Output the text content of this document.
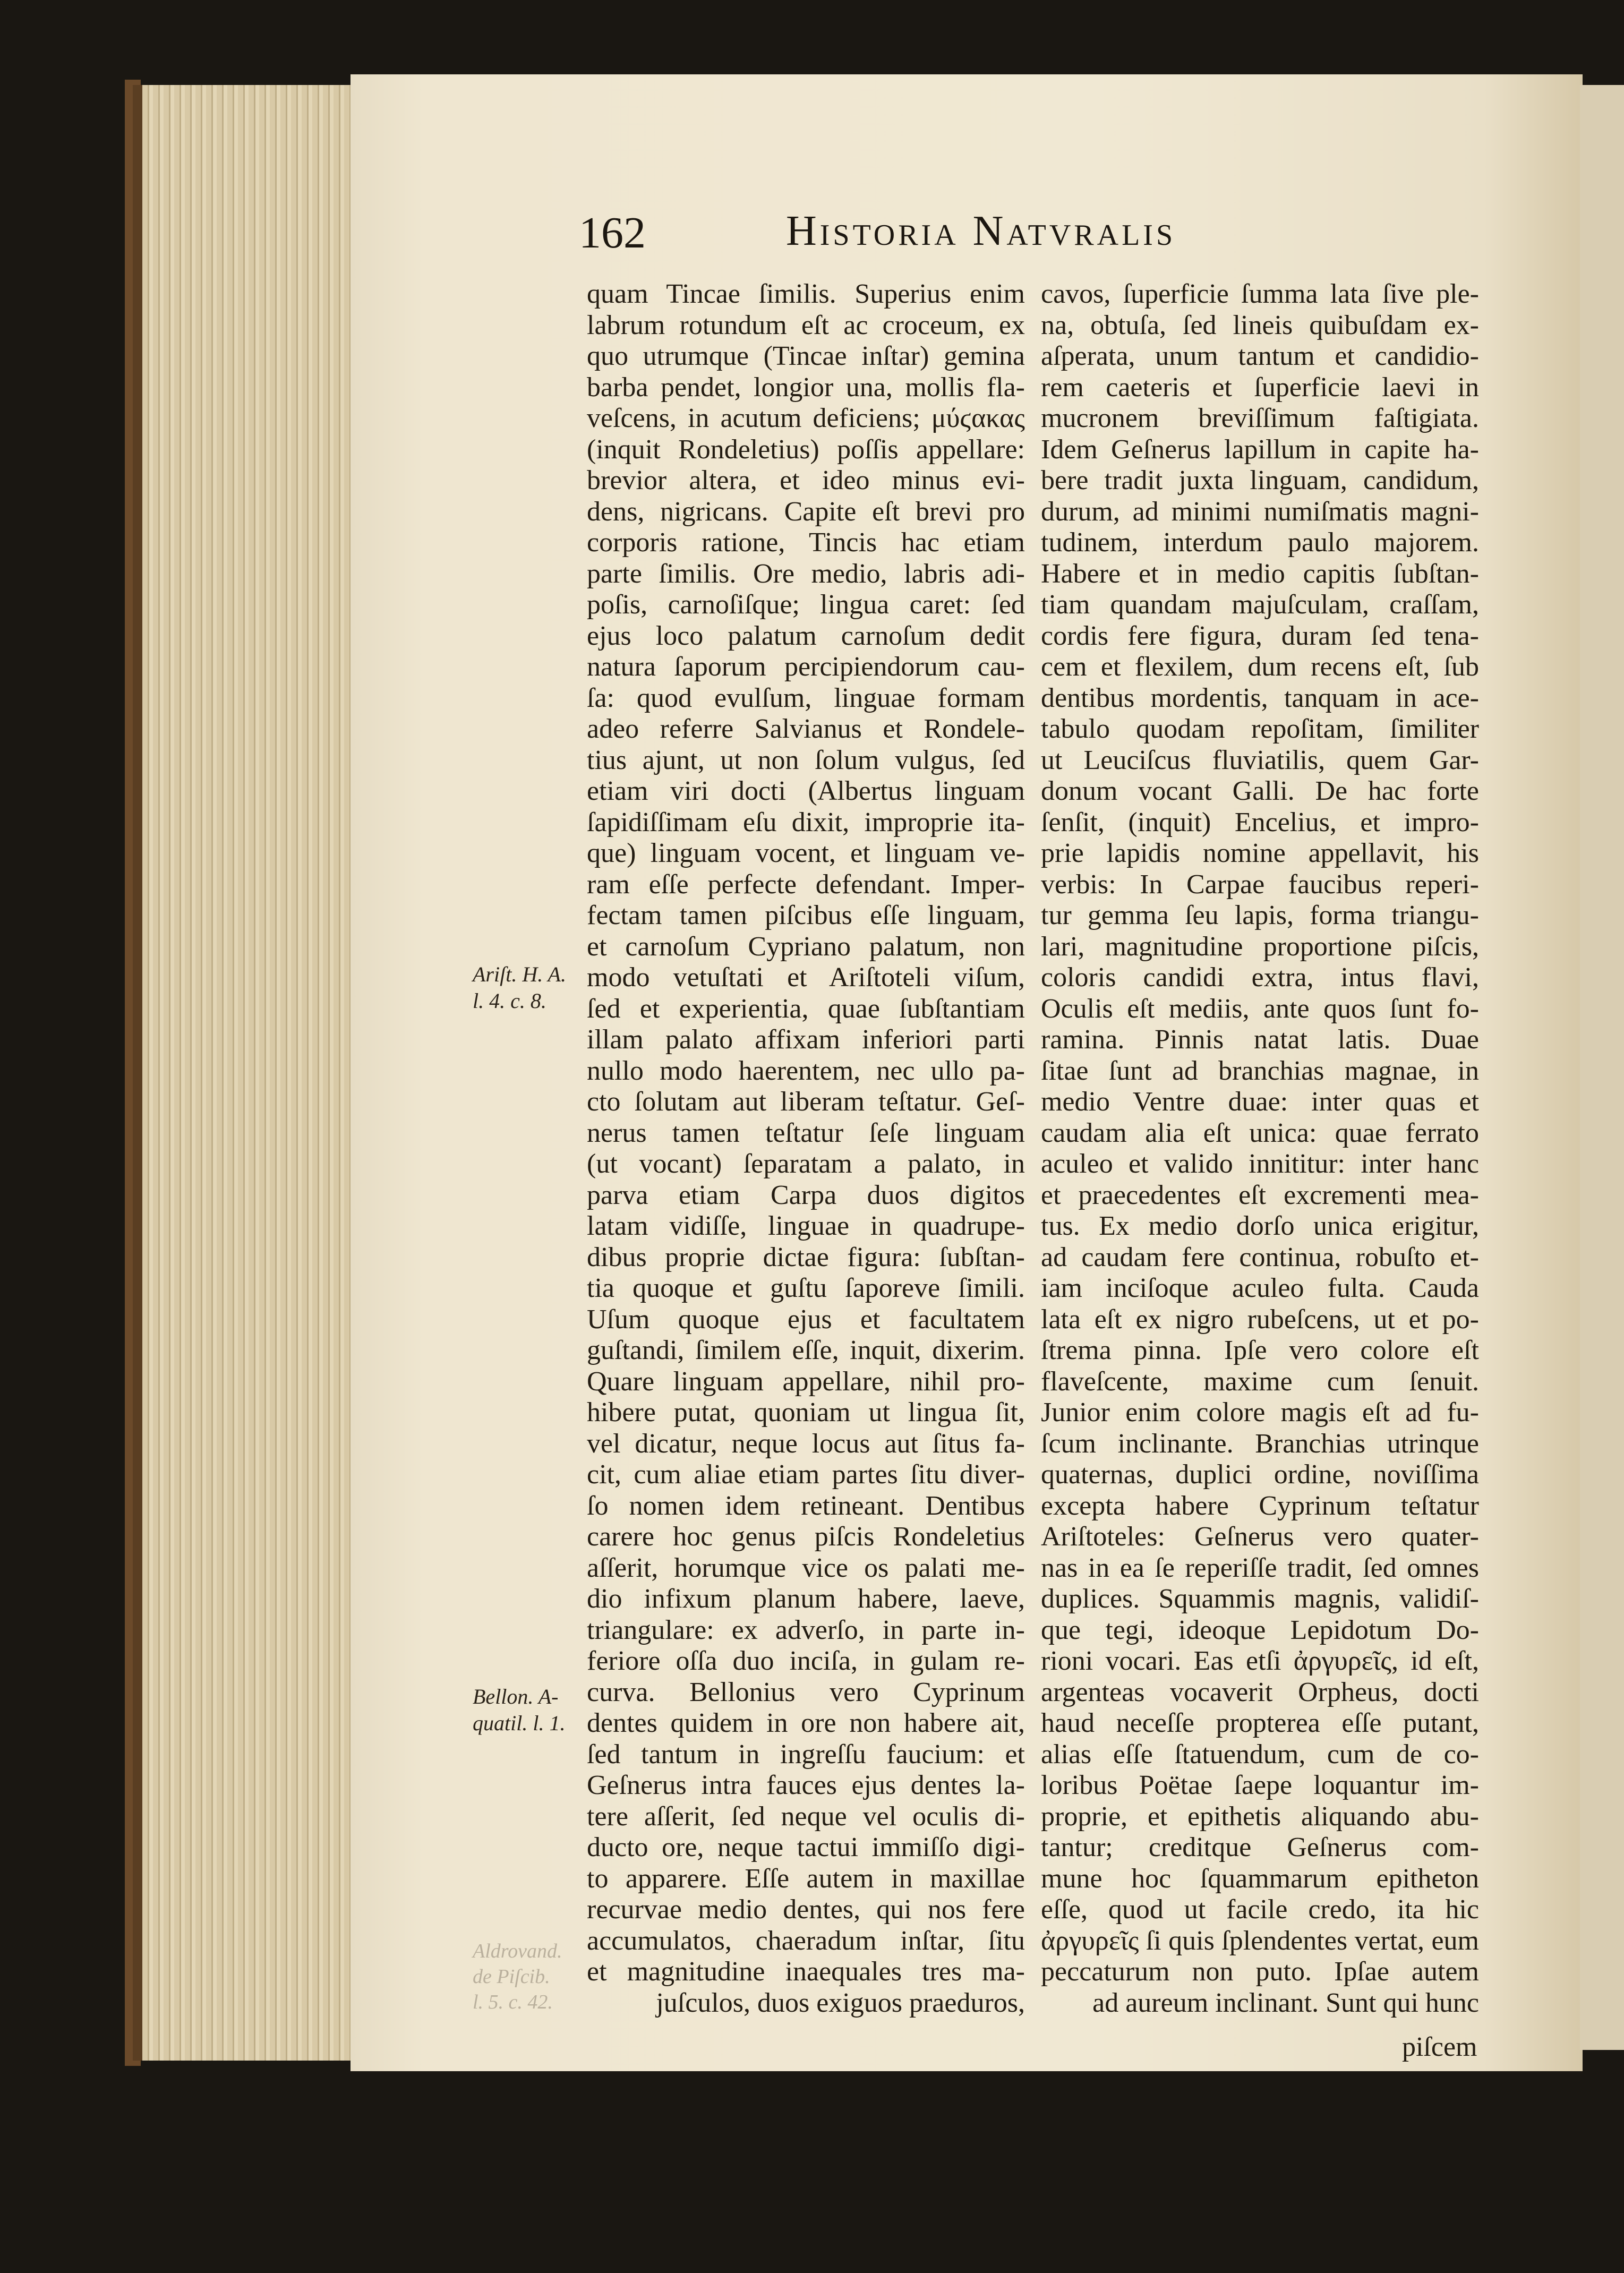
162	Historia Natvralis
quam Tincae ſimilis. Superius enim
labrum rotundum eſt ac croceum, ex
quo utrumque (Tincae inſtar) gemina
barba pendet, longior una, mollis fla-
veſcens, in acutum deficiens; μύϛακας
(inquit Rondeletius) poſſis appellare:
brevior altera, et ideo minus evi-
dens, nigricans. Capite eſt brevi pro
corporis ratione, Tincis hac etiam
parte ſimilis. Ore medio, labris adi-
poſis, carnoſiſque; lingua caret: ſed
ejus loco palatum carnoſum dedit
natura ſaporum percipiendorum cau-
ſa: quod evulſum, linguae formam
adeo referre Salvianus et Rondele-
tius ajunt, ut non ſolum vulgus, ſed
etiam viri docti (Albertus linguam
ſapidiſſimam eſu dixit, improprie ita-
que) linguam vocent, et linguam ve-
ram eſſe perfecte defendant. Imper-
fectam tamen piſcibus eſſe linguam,
et carnoſum Cypriano palatum, non
modo vetuſtati et Ariſtoteli viſum,
ſed et experientia, quae ſubſtantiam
illam palato affixam inferiori parti
nullo modo haerentem, nec ullo pa-
cto ſolutam aut liberam teſtatur. Geſ-
nerus tamen teſtatur ſeſe linguam
(ut vocant) ſeparatam a palato, in
parva etiam Carpa duos digitos
latam vidiſſe, linguae in quadrupe-
dibus proprie dictae figura: ſubſtan-
tia quoque et guſtu ſaporeve ſimili.
Uſum quoque ejus et facultatem
guſtandi, ſimilem eſſe, inquit, dixerim.
Quare linguam appellare, nihil pro-
hibere putat, quoniam ut lingua ſit,
vel dicatur, neque locus aut ſitus fa-
cit, cum aliae etiam partes ſitu diver-
ſo nomen idem retineant. Dentibus
carere hoc genus piſcis Rondeletius
aſſerit, horumque vice os palati me-
dio infixum planum habere, laeve,
triangulare: ex adverſo, in parte in-
feriore oſſa duo inciſa, in gulam re-
curva. Bellonius vero Cyprinum
dentes quidem in ore non habere ait,
ſed tantum in ingreſſu faucium: et
Geſnerus intra fauces ejus dentes la-
tere aſſerit, ſed neque vel oculis di-
ducto ore, neque tactui immiſſo digi-
to apparere. Eſſe autem in maxillae
recurvae medio dentes, qui nos fere
accumulatos, chaeradum inſtar, ſitu
et magnitudine inaequales tres ma-
juſculos, duos exiguos praeduros,
cavos, ſuperficie ſumma lata ſive ple-
na, obtuſa, ſed lineis quibuſdam ex-
aſperata, unum tantum et candidio-
rem caeteris et ſuperficie laevi in
mucronem breviſſimum faſtigiata.
Idem Geſnerus lapillum in capite ha-
bere tradit juxta linguam, candidum,
durum, ad minimi numiſmatis magni-
tudinem, interdum paulo majorem.
Habere et in medio capitis ſubſtan-
tiam quandam majuſculam, craſſam,
cordis fere figura, duram ſed tena-
cem et flexilem, dum recens eſt, ſub
dentibus mordentis, tanquam in ace-
tabulo quodam repoſitam, ſimiliter
ut Leuciſcus fluviatilis, quem Gar-
donum vocant Galli. De hac forte
ſenſit, (inquit) Encelius, et impro-
prie lapidis nomine appellavit, his
verbis: In Carpae faucibus reperi-
tur gemma ſeu lapis, forma triangu-
lari, magnitudine proportione piſcis,
coloris candidi extra, intus flavi,
Oculis eſt mediis, ante quos ſunt fo-
ramina. Pinnis natat latis. Duae
ſitae ſunt ad branchias magnae, in
medio Ventre duae: inter quas et
caudam alia eſt unica: quae ferrato
aculeo et valido innititur: inter hanc
et praecedentes eſt excrementi mea-
tus. Ex medio dorſo unica erigitur,
ad caudam fere continua, robuſto et-
iam inciſoque aculeo fulta. Cauda
lata eſt ex nigro rubeſcens, ut et po-
ſtrema pinna. Ipſe vero colore eſt
flaveſcente, maxime cum ſenuit.
Junior enim colore magis eſt ad fu-
ſcum inclinante. Branchias utrinque
quaternas, duplici ordine, noviſſima
excepta habere Cyprinum teſtatur
Ariſtoteles: Geſnerus vero quater-
nas in ea ſe reperiſſe tradit, ſed omnes
duplices. Squammis magnis, validiſ-
que tegi, ideoque Lepidotum Do-
rioni vocari. Eas etſi ἀργυρεῖς, id eſt,
argenteas vocaverit Orpheus, docti
haud neceſſe propterea eſſe putant,
alias eſſe ſtatuendum, cum de co-
loribus Poëtae ſaepe loquantur im-
proprie, et epithetis aliquando abu-
tantur; creditque Geſnerus com-
mune hoc ſquammarum epitheton
eſſe, quod ut facile credo, ita hic
ἀργυρεῖς ſi quis ſplendentes vertat, eum
peccaturum non puto. Ipſae autem
ad aureum inclinant. Sunt qui hunc
Ariſt. H. A.
l. 4. c. 8.
Bellon. A-
quatil. l. 1.
Aldrovand.
de Piſcib.
l. 5. c. 42.
piſcem
